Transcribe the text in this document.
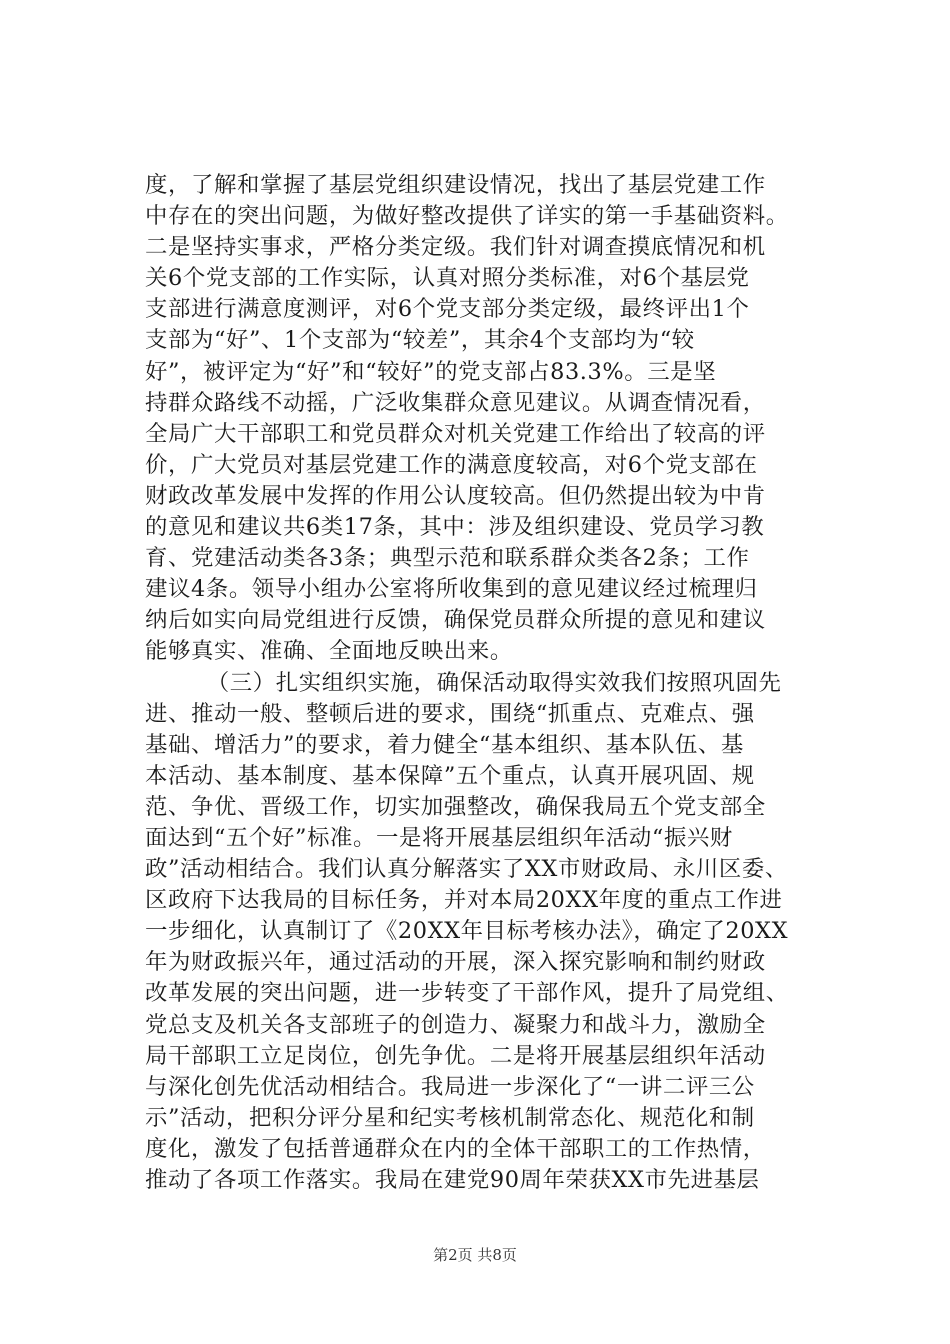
度，了解和掌握了基层党组织建设情况，找出了基层党建工作
中存在的突出问题，为做好整改提供了详实的第一手基础资料。
二是坚持实事求，严格分类定级。我们针对调查摸底情况和机
关6个党支部的工作实际，认真对照分类标准，对6个基层党
支部进行满意度测评，对6个党支部分类定级，最终评出1个
支部为“好”、1个支部为“较差”，其余4个支部均为“较
好”，被评定为“好”和“较好”的党支部占83.3%。三是坚
持群众路线不动摇，广泛收集群众意见建议。从调查情况看，
全局广大干部职工和党员群众对机关党建工作给出了较高的评
价，广大党员对基层党建工作的满意度较高，对6个党支部在
财政改革发展中发挥的作用公认度较高。但仍然提出较为中肯
的意见和建议共6类17条，其中：涉及组织建设、党员学习教
育、党建活动类各3条；典型示范和联系群众类各2条；工作
建议4条。领导小组办公室将所收集到的意见建议经过梳理归
纳后如实向局党组进行反馈，确保党员群众所提的意见和建议
能够真实、准确、全面地反映出来。
（三）扎实组织实施，确保活动取得实效我们按照巩固先
进、推动一般、整顿后进的要求，围绕“抓重点、克难点、强
基础、增活力”的要求，着力健全“基本组织、基本队伍、基
本活动、基本制度、基本保障”五个重点，认真开展巩固、规
范、争优、晋级工作，切实加强整改，确保我局五个党支部全
面达到“五个好”标准。一是将开展基层组织年活动“振兴财
政”活动相结合。我们认真分解落实了XX市财政局、永川区委、
区政府下达我局的目标任务，并对本局20XX年度的重点工作进
一步细化，认真制订了《20XX年目标考核办法》，确定了20XX
年为财政振兴年，通过活动的开展，深入探究影响和制约财政
改革发展的突出问题，进一步转变了干部作风，提升了局党组、
党总支及机关各支部班子的创造力、凝聚力和战斗力，激励全
局干部职工立足岗位，创先争优。二是将开展基层组织年活动
与深化创先优活动相结合。我局进一步深化了“一讲二评三公
示”活动，把积分评分星和纪实考核机制常态化、规范化和制
度化，激发了包括普通群众在内的全体干部职工的工作热情，
推动了各项工作落实。我局在建党90周年荣获XX市先进基层
第2页 共8页
